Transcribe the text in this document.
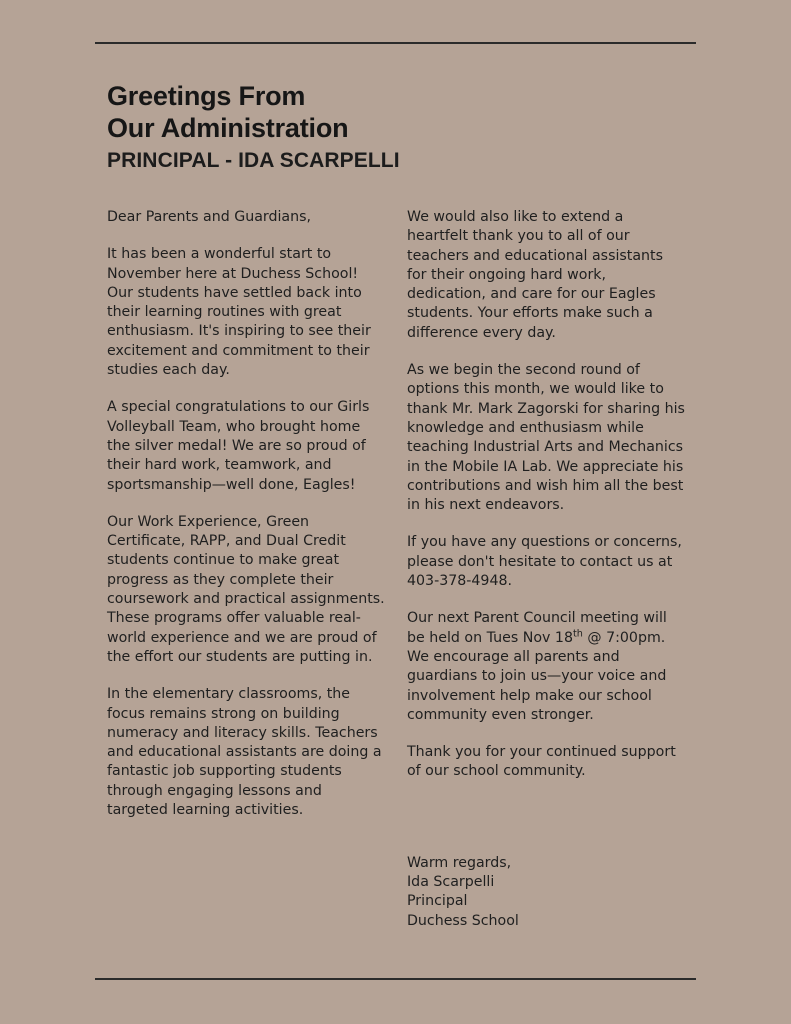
Greetings From
Our Administration
PRINCIPAL - IDA SCARPELLI

Dear Parents and Guardians,

It has been a wonderful start to November here at Duchess School! Our students have settled back into their learning routines with great enthusiasm. It's inspiring to see their excitement and commitment to their studies each day.

A special congratulations to our Girls Volleyball Team, who brought home the silver medal! We are so proud of their hard work, teamwork, and sportsmanship—well done, Eagles!

Our Work Experience, Green Certificate, RAPP, and Dual Credit students continue to make great progress as they complete their coursework and practical assignments. These programs offer valuable real-world experience and we are proud of the effort our students are putting in.

In the elementary classrooms, the focus remains strong on building numeracy and literacy skills. Teachers and educational assistants are doing a fantastic job supporting students through engaging lessons and targeted learning activities.

We would also like to extend a heartfelt thank you to all of our teachers and educational assistants for their ongoing hard work, dedication, and care for our Eagles students. Your efforts make such a difference every day.

As we begin the second round of options this month, we would like to thank Mr. Mark Zagorski for sharing his knowledge and enthusiasm while teaching Industrial Arts and Mechanics in the Mobile IA Lab. We appreciate his contributions and wish him all the best in his next endeavors.

If you have any questions or concerns, please don't hesitate to contact us at 403-378-4948.

Our next Parent Council meeting will be held on Tues Nov 18th @ 7:00pm. We encourage all parents and guardians to join us—your voice and involvement help make our school community even stronger.

Thank you for your continued support of our school community.

Warm regards,
Ida Scarpelli
Principal
Duchess School
